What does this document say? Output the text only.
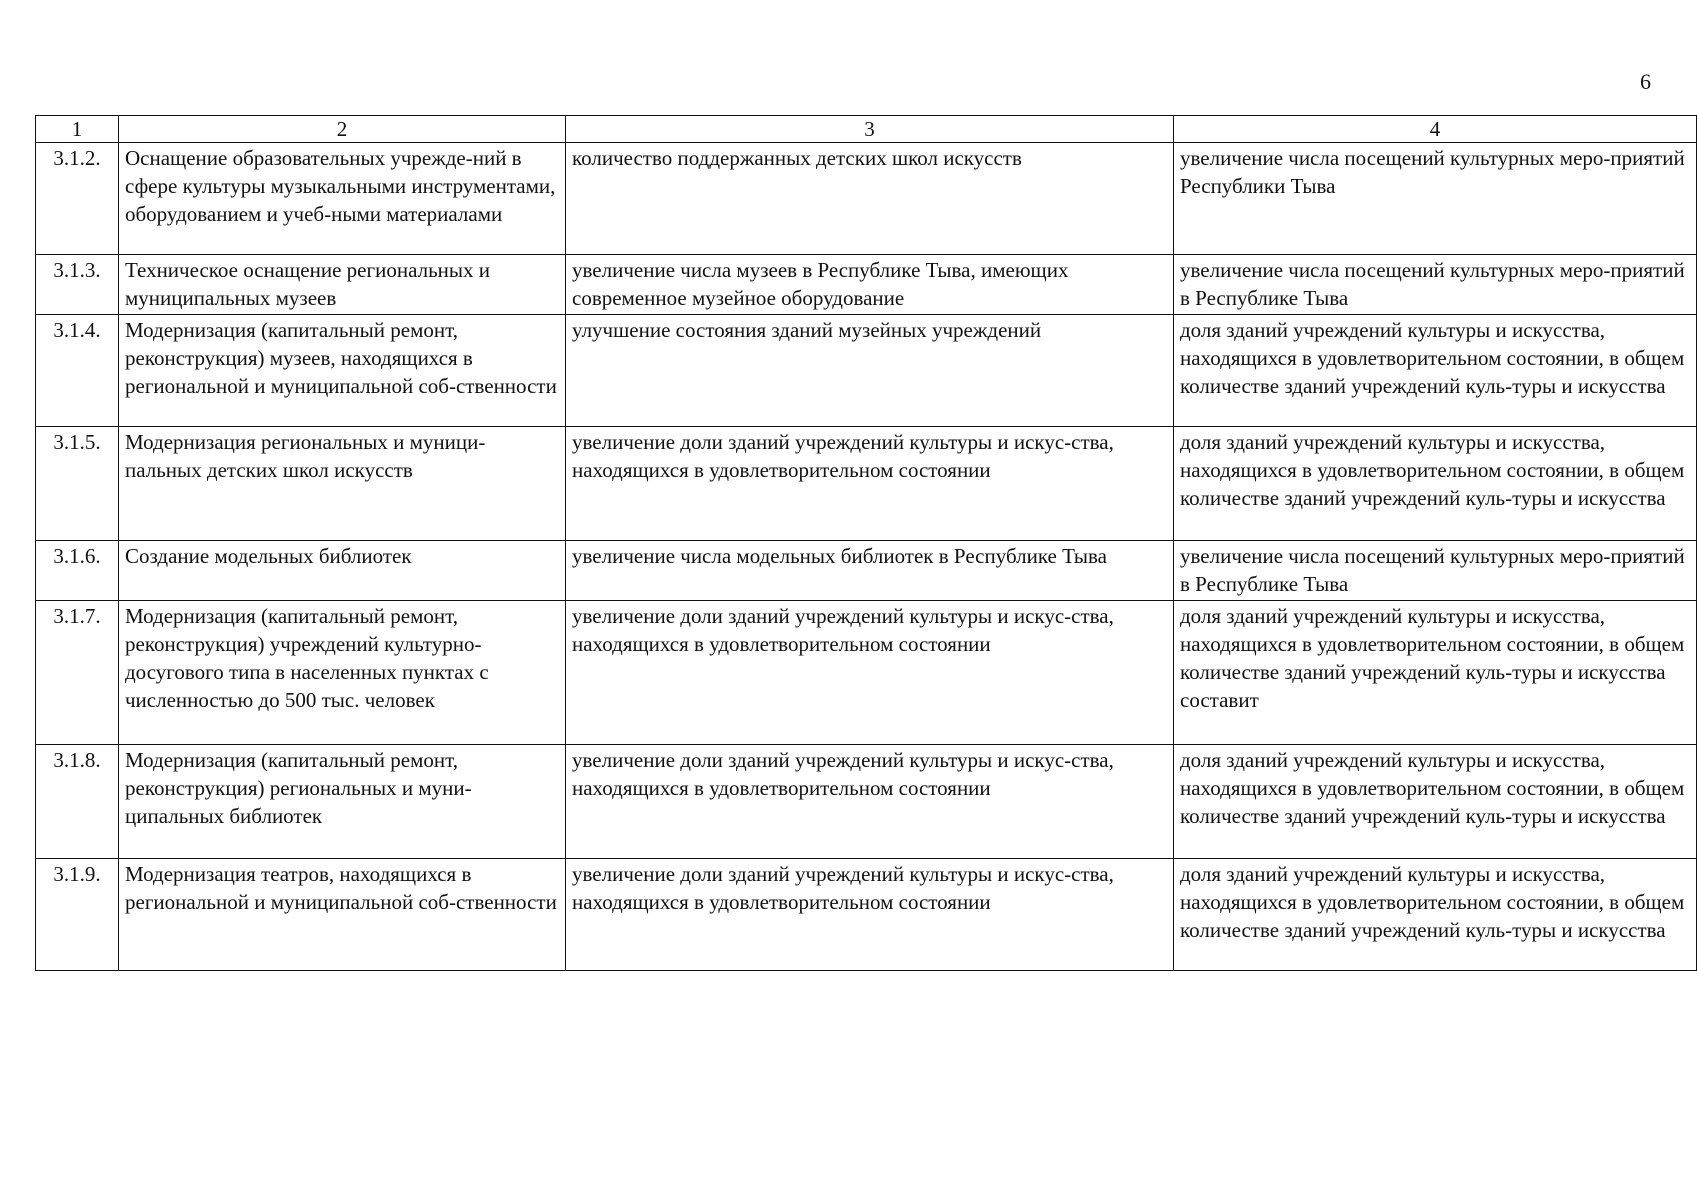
6
1	2	3	4
3.1.2.	Оснащение образовательных учрежде-ний в сфере культуры музыкальными инструментами, оборудованием и учеб-ными материалами	количество поддержанных детских школ искусств	увеличение числа посещений культурных меро-приятий Республики Тыва
3.1.3.	Техническое оснащение региональных и муниципальных музеев	увеличение числа музеев в Республике Тыва, имеющих современное музейное оборудование	увеличение числа посещений культурных меро-приятий в Республике Тыва
3.1.4.	Модернизация (капитальный ремонт, реконструкция) музеев, находящихся в региональной и муниципальной соб-ственности	улучшение состояния зданий музейных учреждений	доля зданий учреждений культуры и искусства, находящихся в удовлетворительном состоянии, в общем количестве зданий учреждений куль-туры и искусства
3.1.5.	Модернизация региональных и муници-пальных детских школ искусств	увеличение доли зданий учреждений культуры и искус-ства, находящихся в удовлетворительном состоянии	доля зданий учреждений культуры и искусства, находящихся в удовлетворительном состоянии, в общем количестве зданий учреждений куль-туры и искусства
3.1.6.	Создание модельных библиотек	увеличение числа модельных библиотек в Республике Тыва	увеличение числа посещений культурных меро-приятий в Республике Тыва
3.1.7.	Модернизация (капитальный ремонт, реконструкция) учреждений культурно-досугового типа в населенных пунктах с численностью до 500 тыс. человек	увеличение доли зданий учреждений культуры и искус-ства, находящихся в удовлетворительном состоянии	доля зданий учреждений культуры и искусства, находящихся в удовлетворительном состоянии, в общем количестве зданий учреждений куль-туры и искусства составит
3.1.8.	Модернизация (капитальный ремонт, реконструкция) региональных и муни-ципальных библиотек	увеличение доли зданий учреждений культуры и искус-ства, находящихся в удовлетворительном состоянии	доля зданий учреждений культуры и искусства, находящихся в удовлетворительном состоянии, в общем количестве зданий учреждений куль-туры и искусства
3.1.9.	Модернизация театров, находящихся в региональной и муниципальной соб-ственности	увеличение доли зданий учреждений культуры и искус-ства, находящихся в удовлетворительном состоянии	доля зданий учреждений культуры и искусства, находящихся в удовлетворительном состоянии, в общем количестве зданий учреждений куль-туры и искусства
